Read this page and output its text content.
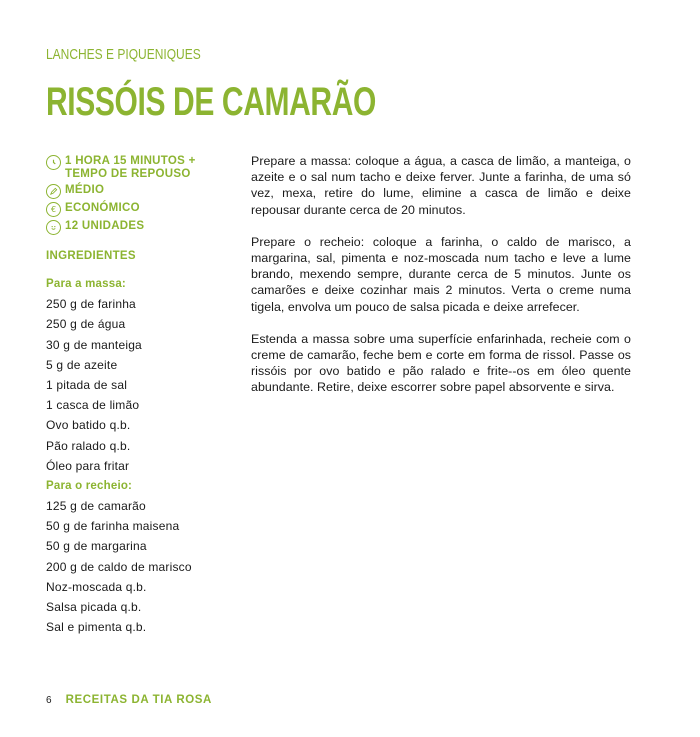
LANCHES E PIQUENIQUES
RISSÓIS DE CAMARÃO
1 HORA 15 MINUTOS + TEMPO DE REPOUSO
MÉDIO
€ ECONÓMICO
12 UNIDADES
INGREDIENTES
Para a massa:
250 g de farinha
250 g de água
30 g de manteiga
5 g de azeite
1 pitada de sal
1 casca de limão
Ovo batido q.b.
Pão ralado q.b.
Óleo para fritar
Para o recheio:
125 g de camarão
50 g de farinha maisena
50 g de margarina
200 g de caldo de marisco
Noz-moscada q.b.
Salsa picada q.b.
Sal e pimenta q.b.

Prepare a massa: coloque a água, a casca de limão, a manteiga, o azeite e o sal num tacho e deixe ferver. Junte a farinha, de uma só vez, mexa, retire do lume, elimine a casca de limão e deixe repousar durante cerca de 20 minutos.

Prepare o recheio: coloque a farinha, o caldo de marisco, a margarina, sal, pimenta e noz-moscada num tacho e leve a lume brando, mexendo sempre, durante cerca de 5 minutos. Junte os camarões e deixe cozinhar mais 2 minutos. Verta o creme numa tigela, envolva um pouco de salsa picada e deixe arrefecer.

Estenda a massa sobre uma superfície enfarinhada, recheie com o creme de camarão, feche bem e corte em forma de rissol. Passe os rissóis por ovo batido e pão ralado e frite--os em óleo quente abundante. Retire, deixe escorrer sobre papel absorvente e sirva.

6 RECEITAS DA TIA ROSA
